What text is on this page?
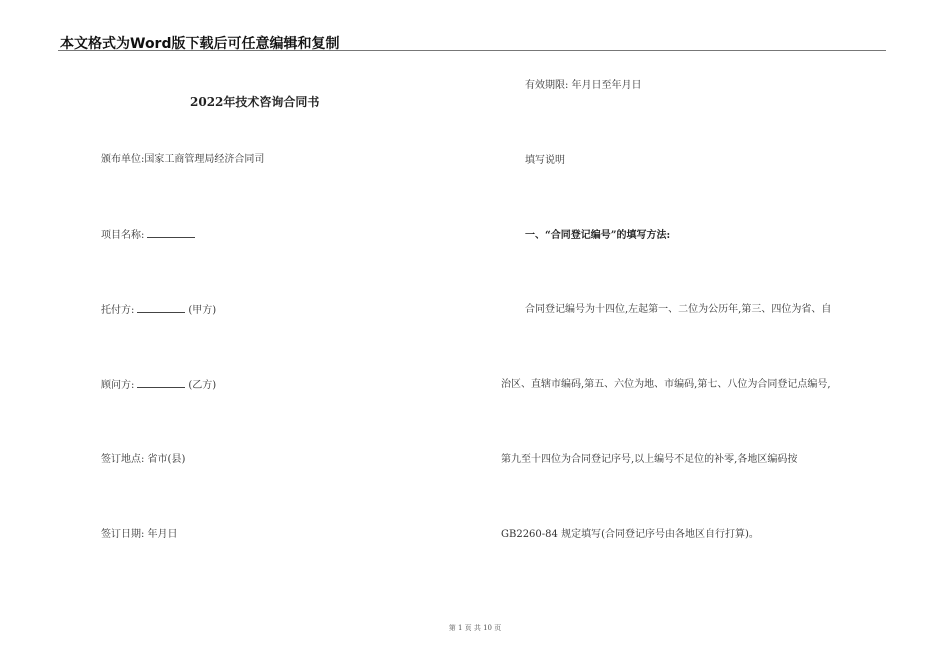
本文格式为Word版下载后可任意编辑和复制
2022年技术咨询合同书
颁布单位:国家工商管理局经济合同司
项目名称:
托付方:	(甲方)
顾问方:	(乙方)
签订地点: 省市(县)
签订日期: 年月日
有效期限: 年月日至年月日
填写说明
一、“合同登记编号”的填写方法:
合同登记编号为十四位,左起第一、二位为公历年,第三、四位为省、自
治区、直辖市编码,第五、六位为地、市编码,第七、八位为合同登记点编号,
第九至十四位为合同登记序号,以上编号不足位的补零,各地区编码按
GB2260-84 规定填写(合同登记序号由各地区自行打算)。
第 1 页 共 10 页
